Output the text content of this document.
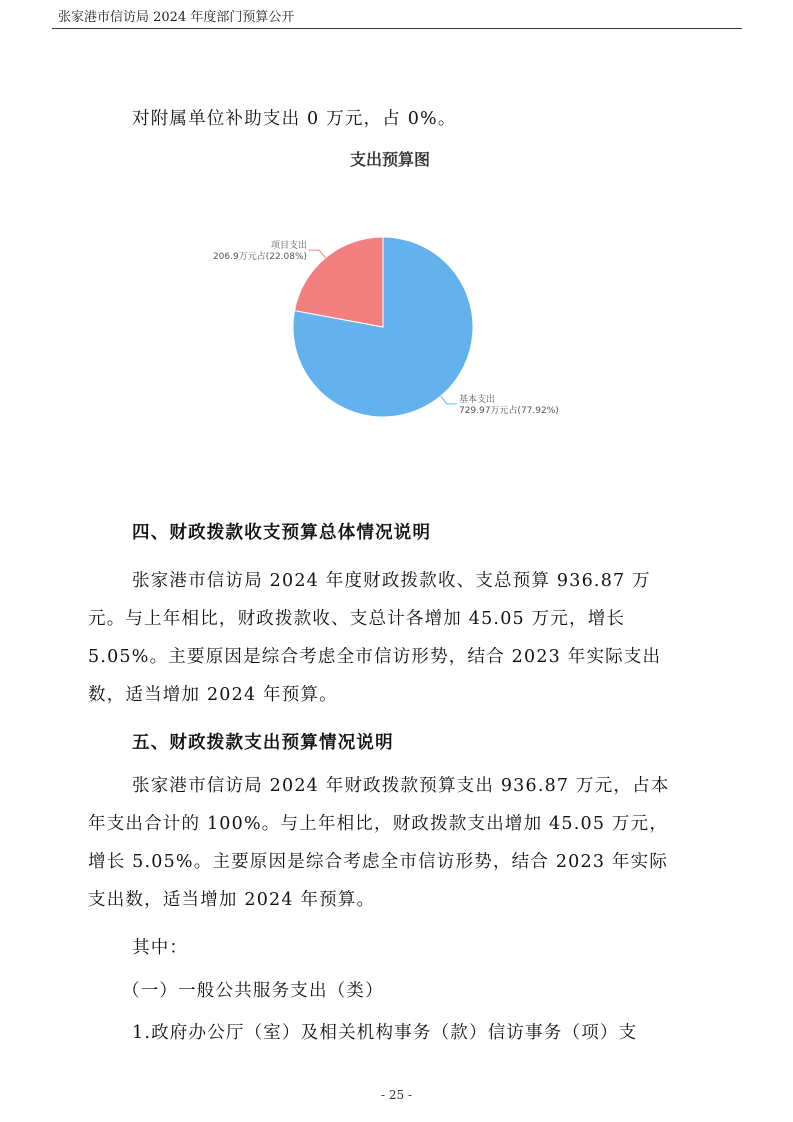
张家港市信访局 2024 年度部门预算公开
对附属单位补助支出 0 万元，占 0%。
支出预算图
基本支出
729.97万元占(77.92%)
项目支出
206.9万元占(22.08%)
四、财政拨款收支预算总体情况说明
张家港市信访局 2024 年度财政拨款收、支总预算 936.87 万
元。与上年相比，财政拨款收、支总计各增加 45.05 万元，增长
5.05%。主要原因是综合考虑全市信访形势，结合 2023 年实际支出
数，适当增加 2024 年预算。
五、财政拨款支出预算情况说明
张家港市信访局 2024 年财政拨款预算支出 936.87 万元，占本
年支出合计的 100%。与上年相比，财政拨款支出增加 45.05 万元，
增长 5.05%。主要原因是综合考虑全市信访形势，结合 2023 年实际
支出数，适当增加 2024 年预算。
其中：
（一）一般公共服务支出（类）
1.政府办公厅（室）及相关机构事务（款）信访事务（项）支
- 25 -
